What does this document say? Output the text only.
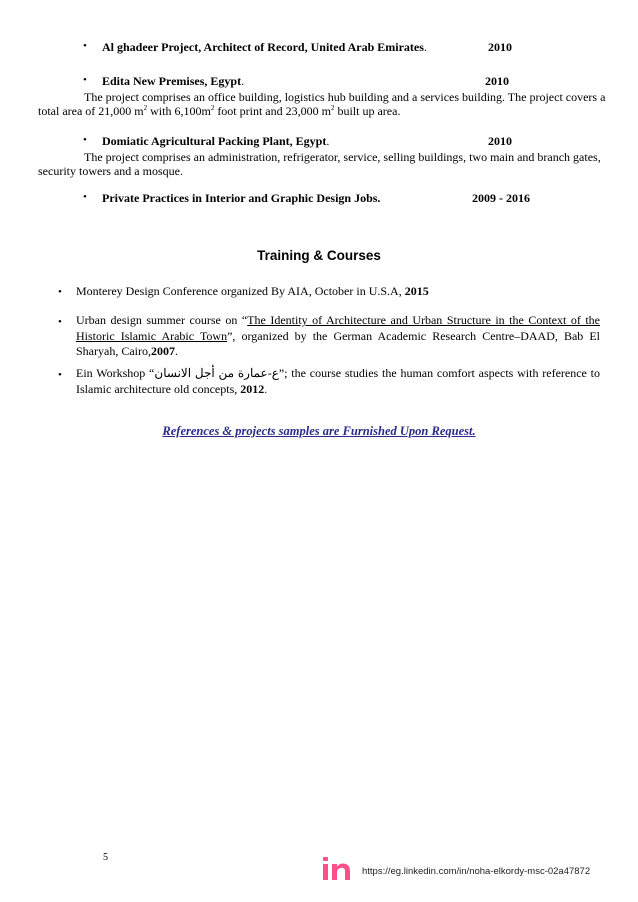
• Al ghadeer Project, Architect of Record, United Arab Emirates.	2010
• Edita New Premises, Egypt.	2010
The project comprises an office building, logistics hub building and a services building. The project covers a
total area of 21,000 $m^2$ with $6,100m^2$ foot print and 23,000 $m^2$ built up area.
• Domiatic Agricultural Packing Plant, Egypt.	2010
The project comprises an administration, refrigerator, service, selling buildings, two main and branch gates,
security towers and a mosque.
• Private Practices in Interior and Graphic Design Jobs.	2009 - 2016
Training & Courses
• Monterey Design Conference organized By AIA, October in U.S.A, 2015
• Urban design summer course on “The Identity of Architecture and Urban Structure in the Context of the Historic Islamic Arabic Town”, organized by the German Academic Research Centre–DAAD, Bab El Sharyah, Cairo,2007.
• Ein Workshop “ع-عمارة من أجل الانسان”; the course studies the human comfort aspects with reference to Islamic architecture old concepts, 2012.
References & projects samples are Furnished Upon Request.
5
https://eg.linkedin.com/in/noha-elkordy-msc-02a47872
